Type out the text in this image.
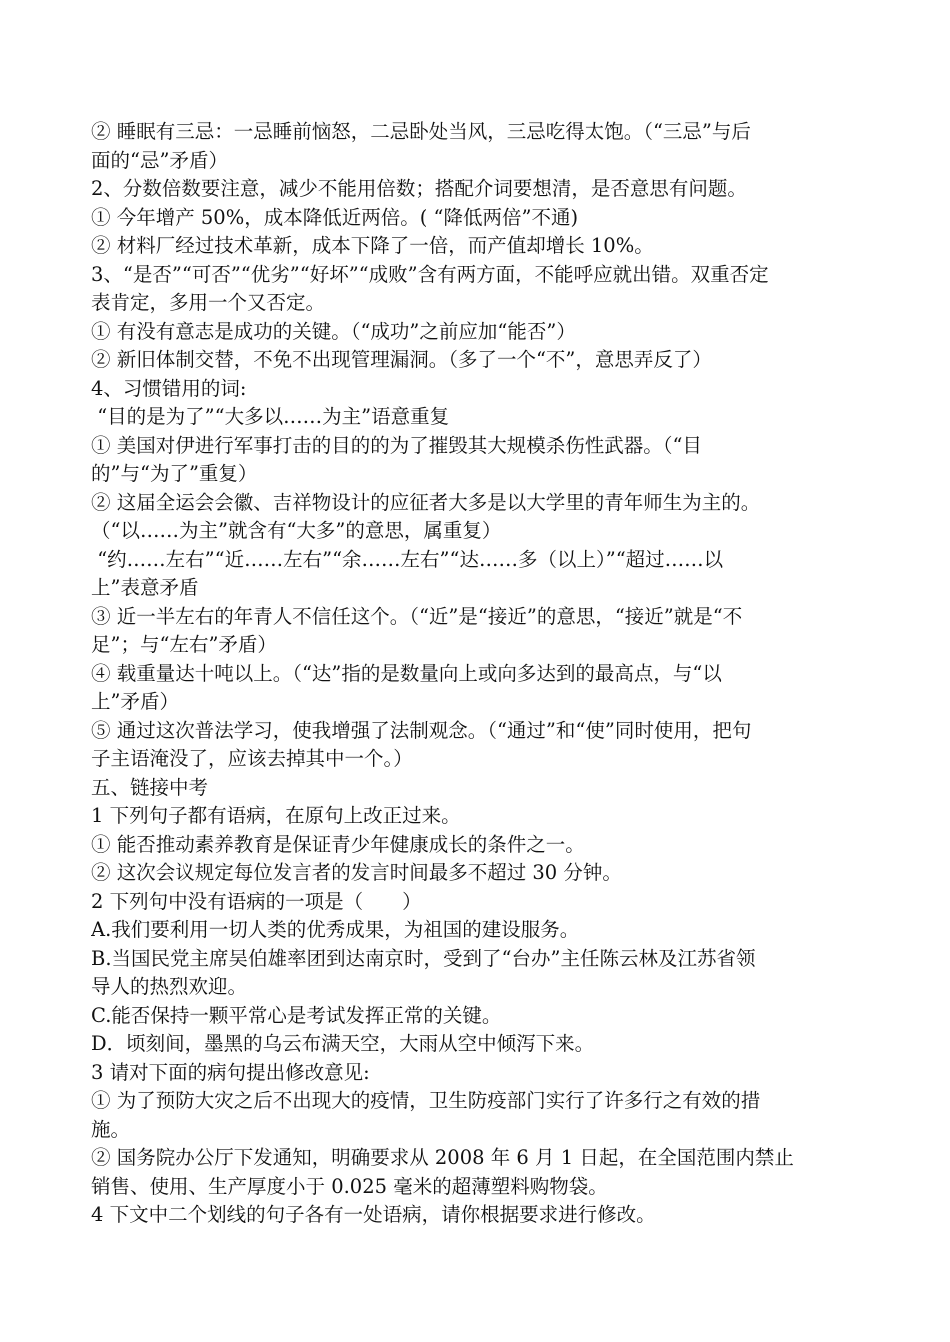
② 睡眠有三忌：一忌睡前恼怒，二忌卧处当风，三忌吃得太饱。（“三忌”与后
面的“忌”矛盾）
2、分数倍数要注意，减少不能用倍数；搭配介词要想清，是否意思有问题。
① 今年增产 50%，成本降低近两倍。( “降低两倍”不通)
② 材料厂经过技术革新，成本下降了一倍，而产值却增长 10%。
3、“是否”“可否”“优劣”“好坏”“成败”含有两方面，不能呼应就出错。双重否定
表肯定，多用一个又否定。
① 有没有意志是成功的关键。（“成功”之前应加“能否”）
② 新旧体制交替，不免不出现管理漏洞。（多了一个“不”，意思弄反了）
4、习惯错用的词:
“目的是为了”“大多以……为主”语意重复
① 美国对伊进行军事打击的目的的为了摧毁其大规模杀伤性武器。（“目
的”与“为了”重复）
② 这届全运会会徽、吉祥物设计的应征者大多是以大学里的青年师生为主的。
（“以……为主”就含有“大多”的意思，属重复）
“约……左右”“近……左右”“余……左右”“达……多（以上）”“超过……以
上”表意矛盾
③ 近一半左右的年青人不信任这个。（“近”是“接近”的意思，“接近”就是“不
足”；与“左右”矛盾）
④ 载重量达十吨以上。（“达”指的是数量向上或向多达到的最高点，与“以
上”矛盾）
⑤ 通过这次普法学习，使我增强了法制观念。（“通过”和“使”同时使用，把句
子主语淹没了，应该去掉其中一个。）
五、链接中考
1 下列句子都有语病，在原句上改正过来。
① 能否推动素养教育是保证青少年健康成长的条件之一。
② 这次会议规定每位发言者的发言时间最多不超过 30 分钟。
2 下列句中没有语病的一项是（　　）
A.我们要利用一切人类的优秀成果，为祖国的建设服务。
B.当国民党主席吴伯雄率团到达南京时，受到了“台办”主任陈云林及江苏省领
导人的热烈欢迎。
C.能否保持一颗平常心是考试发挥正常的关键。
D．顷刻间，墨黑的乌云布满天空，大雨从空中倾泻下来。
3 请对下面的病句提出修改意见:
① 为了预防大灾之后不出现大的疫情，卫生防疫部门实行了许多行之有效的措
施。
② 国务院办公厅下发通知，明确要求从 2008 年 6 月 1 日起，在全国范围内禁止
销售、使用、生产厚度小于 0.025 毫米的超薄塑料购物袋。
4 下文中二个划线的句子各有一处语病，请你根据要求进行修改。
